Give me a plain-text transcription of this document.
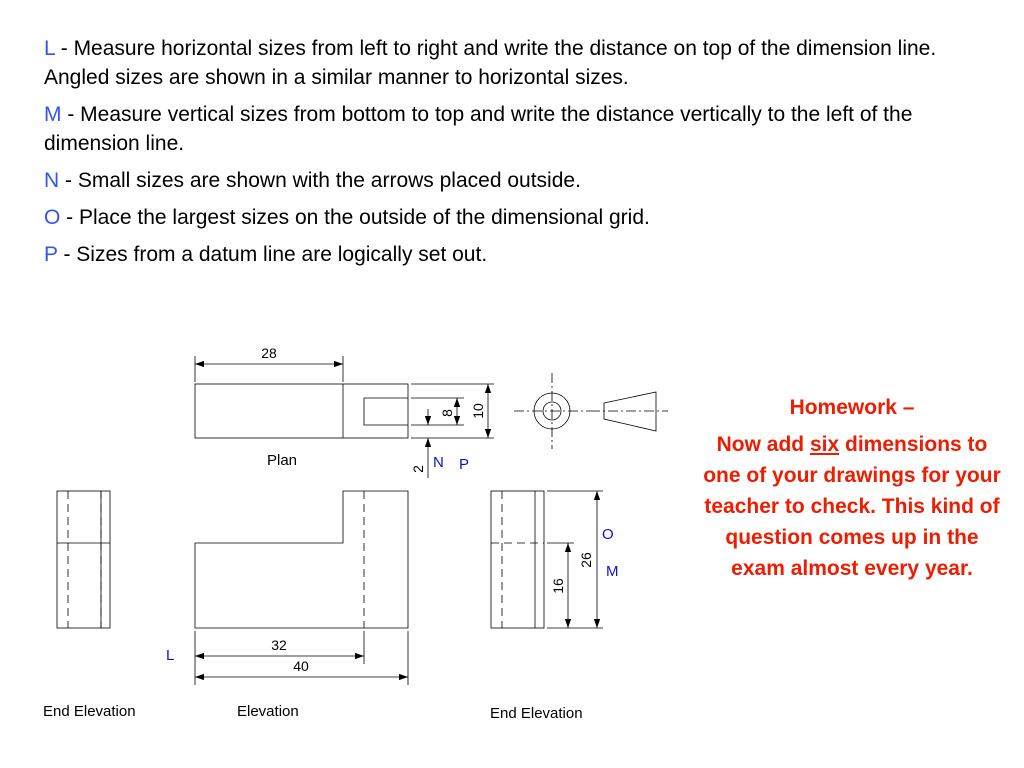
L - Measure horizontal sizes from left to right and write the distance on top of the dimension line. Angled sizes are shown in a similar manner to horizontal sizes.

M - Measure vertical sizes from bottom to top and write the distance vertically to the left of the dimension line.

N - Small sizes are shown with the arrows placed outside.

O - Place the largest sizes on the outside of the dimensional grid.

P - Sizes from a datum line are logically set out.

28
8 10
2
26
16
32
40
N P
O
M
L
Plan
End Elevation	Elevation	End Elevation

Homework –

Now add six dimensions to one of your drawings for your teacher to check. This kind of question comes up in the exam almost every year.
